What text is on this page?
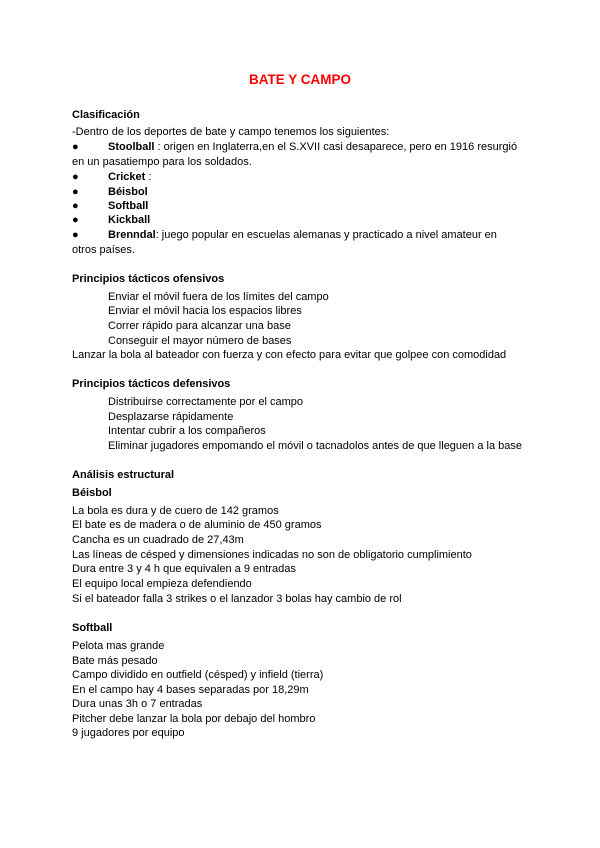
BATE Y CAMPO
Clasificación
-Dentro de los deportes de bate y campo tenemos los siguientes:
●	Stoolball : origen en Inglaterra,en el S.XVII casi desaparece, pero en 1916 resurgió
en un pasatiempo para los soldados.
●	Cricket :
●	Béisbol
●	Softball
●	Kickball
●	Brenndal: juego popular en escuelas alemanas y practicado a nivel amateur en
otros países.
Principios tácticos ofensivos
Enviar el móvil fuera de los límites del campo
Enviar el móvil hacia los espacios libres
Correr rápido para alcanzar una base
Conseguir el mayor número de bases
Lanzar la bola al bateador con fuerza y con efecto para evitar que golpee con comodidad
Principios tácticos defensivos
Distribuirse correctamente por el campo
Desplazarse rápidamente
Intentar cubrir a los compañeros
Eliminar jugadores empomando el móvil o tacnadolos antes de que lleguen a la base
Análisis estructural
Béisbol
La bola es dura y de cuero de 142 gramos
El bate es de madera o de aluminio de 450 gramos
Cancha es un cuadrado de 27,43m
Las líneas de césped y dimensiones indicadas no son de obligatorio cumplimiento
Dura entre 3 y 4 h que equivalen a 9 entradas
El equipo local empieza defendiendo
Si el bateador falla 3 strikes o el lanzador 3 bolas hay cambio de rol
Softball
Pelota mas grande
Bate más pesado
Campo dividido en outfield (césped) y infield (tierra)
En el campo hay 4 bases separadas por 18,29m
Dura unas 3h o 7 entradas
Pitcher debe lanzar la bola por debajo del hombro
9 jugadores por equipo
